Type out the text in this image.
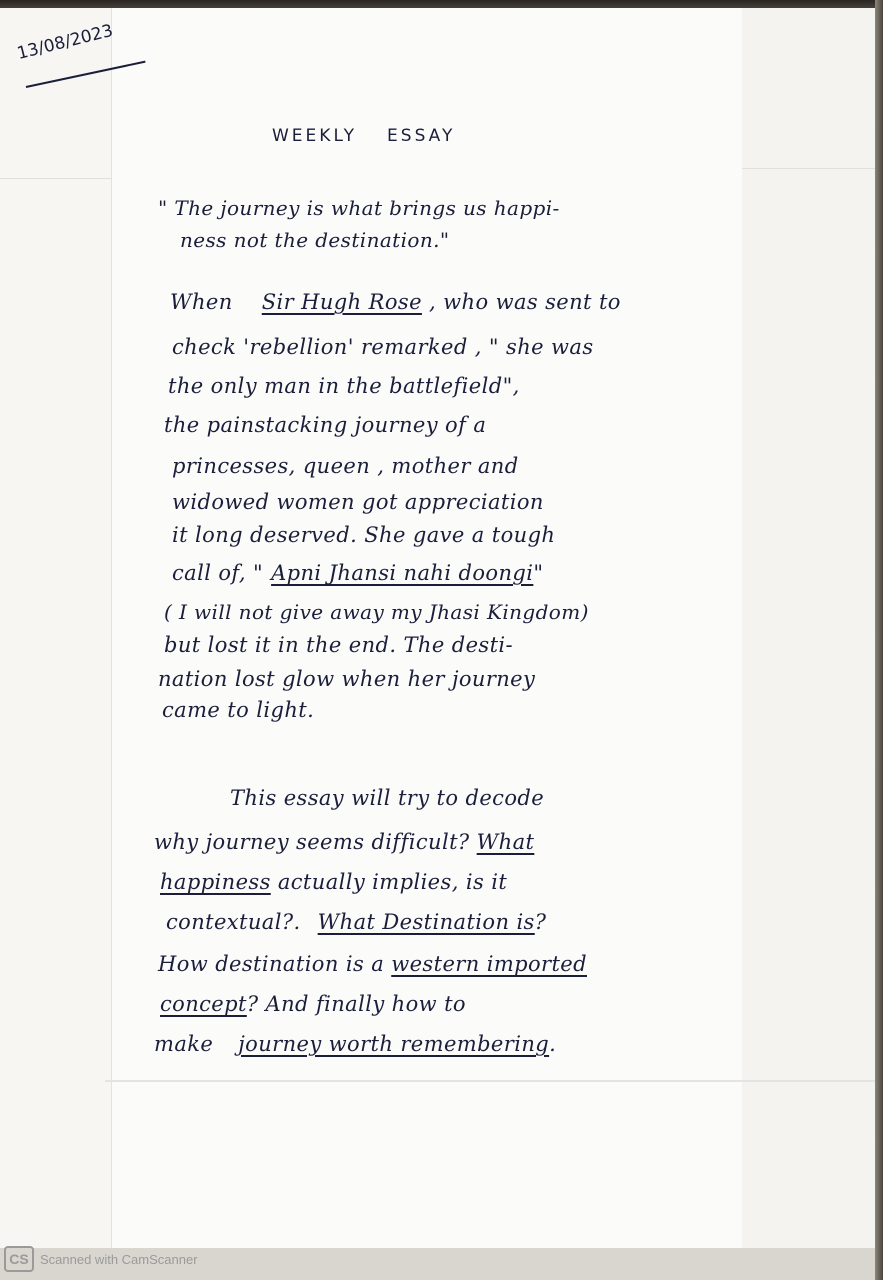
13/08/2023
WEEKLY ESSAY
" The journey is what brings us happi-
ness not the destination."
When Sir Hugh Rose , who was sent to
check 'rebellion' remarked , " she was
the only man in the battlefield",
the painstacking journey of a
princesses, queen , mother and
widowed women got appreciation
it long deserved. She gave a tough
call of, " Apni Jhansi nahi doongi"
( I will not give away my Jhasi Kingdom)
but lost it in the end. The desti-
nation lost glow when her journey
came to light.
This essay will try to decode
why journey seems difficult? What
happiness actually implies, is it
contextual?. What Destination is?
How destination is a western imported
concept? And finally how to
make journey worth remembering.
CS Scanned with CamScanner
